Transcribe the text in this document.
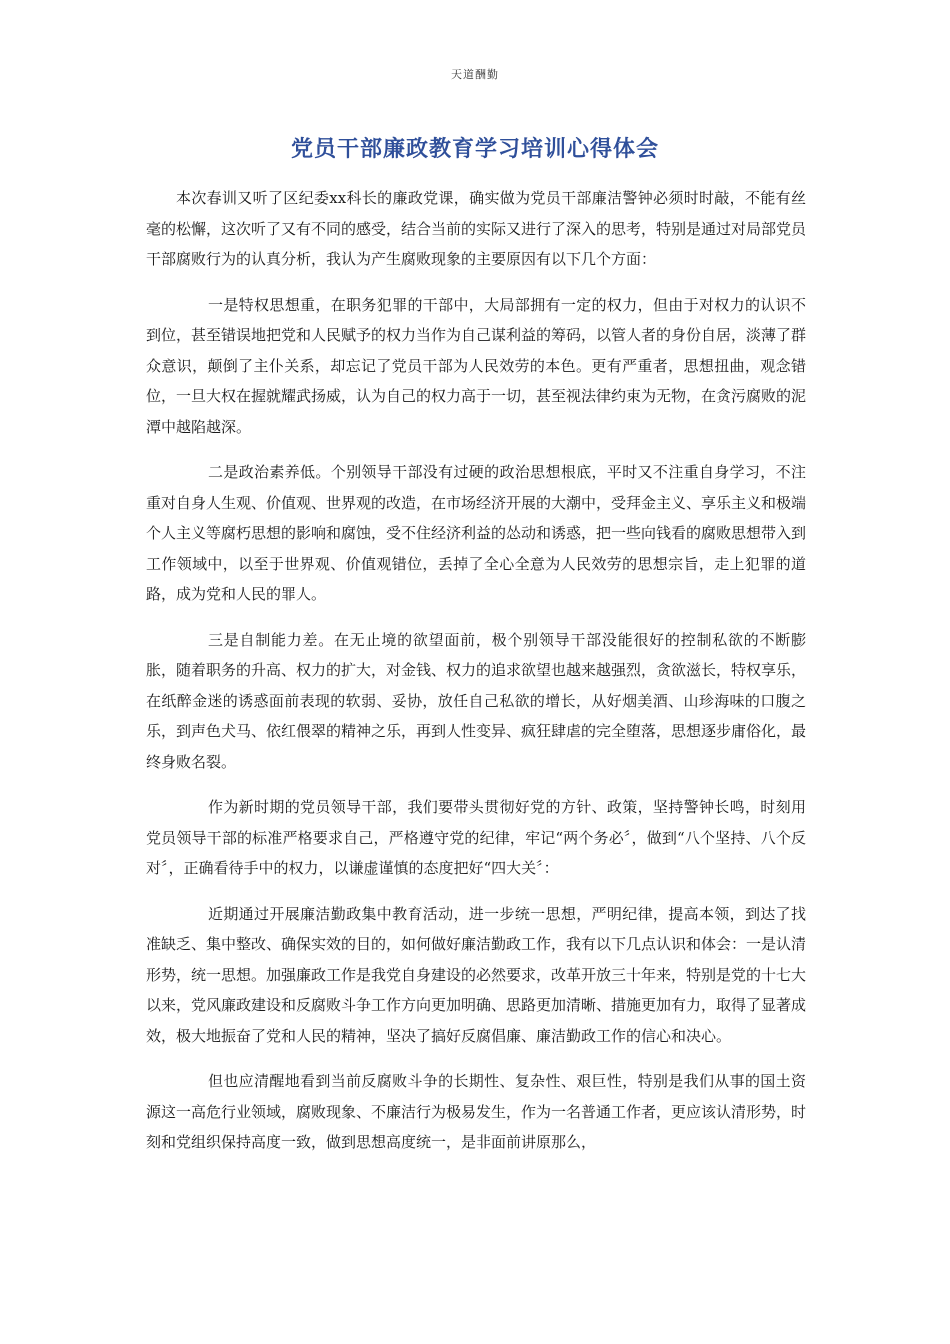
天道酬勤
党员干部廉政教育学习培训心得体会

本次春训又听了区纪委xx科长的廉政党课，确实做为党员干部廉洁警钟必须时时敲，不能有丝毫的松懈，这次听了又有不同的感受，结合当前的实际又进行了深入的思考，特别是通过对局部党员干部腐败行为的认真分析，我认为产生腐败现象的主要原因有以下几个方面：

一是特权思想重，在职务犯罪的干部中，大局部拥有一定的权力，但由于对权力的认识不到位，甚至错误地把党和人民赋予的权力当作为自己谋利益的筹码，以管人者的身份自居，淡薄了群众意识，颠倒了主仆关系，却忘记了党员干部为人民效劳的本色。更有严重者，思想扭曲，观念错位，一旦大权在握就耀武扬威，认为自己的权力高于一切，甚至视法律约束为无物，在贪污腐败的泥潭中越陷越深。

二是政治素养低。个别领导干部没有过硬的政治思想根底，平时又不注重自身学习，不注重对自身人生观、价值观、世界观的改造，在市场经济开展的大潮中，受拜金主义、享乐主义和极端个人主义等腐朽思想的影响和腐蚀，受不住经济利益的怂动和诱惑，把一些向钱看的腐败思想带入到工作领域中，以至于世界观、价值观错位，丢掉了全心全意为人民效劳的思想宗旨，走上犯罪的道路，成为党和人民的罪人。

三是自制能力差。在无止境的欲望面前，极个别领导干部没能很好的控制私欲的不断膨胀，随着职务的升高、权力的扩大，对金钱、权力的追求欲望也越来越强烈，贪欲滋长，特权享乐，在纸醉金迷的诱惑面前表现的软弱、妥协，放任自己私欲的增长，从好烟美酒、山珍海味的口腹之乐，到声色犬马、依红偎翠的精神之乐，再到人性变异、疯狂肆虐的完全堕落，思想逐步庸俗化，最终身败名裂。

作为新时期的党员领导干部，我们要带头贯彻好党的方针、政策，坚持警钟长鸣，时刻用党员领导干部的标准严格要求自己，严格遵守党的纪律，牢记“两个务必〞，做到“八个坚持、八个反对〞，正确看待手中的权力，以谦虚谨慎的态度把好“四大关〞：

近期通过开展廉洁勤政集中教育活动，进一步统一思想，严明纪律，提高本领，到达了找准缺乏、集中整改、确保实效的目的，如何做好廉洁勤政工作，我有以下几点认识和体会：一是认清形势，统一思想。加强廉政工作是我党自身建设的必然要求，改革开放三十年来，特别是党的十七大以来，党风廉政建设和反腐败斗争工作方向更加明确、思路更加清晰、措施更加有力，取得了显著成效，极大地振奋了党和人民的精神，坚决了搞好反腐倡廉、廉洁勤政工作的信心和决心。

但也应清醒地看到当前反腐败斗争的长期性、复杂性、艰巨性，特别是我们从事的国土资源这一高危行业领域，腐败现象、不廉洁行为极易发生，作为一名普通工作者，更应该认清形势，时刻和党组织保持高度一致，做到思想高度统一，是非面前讲原那么，
